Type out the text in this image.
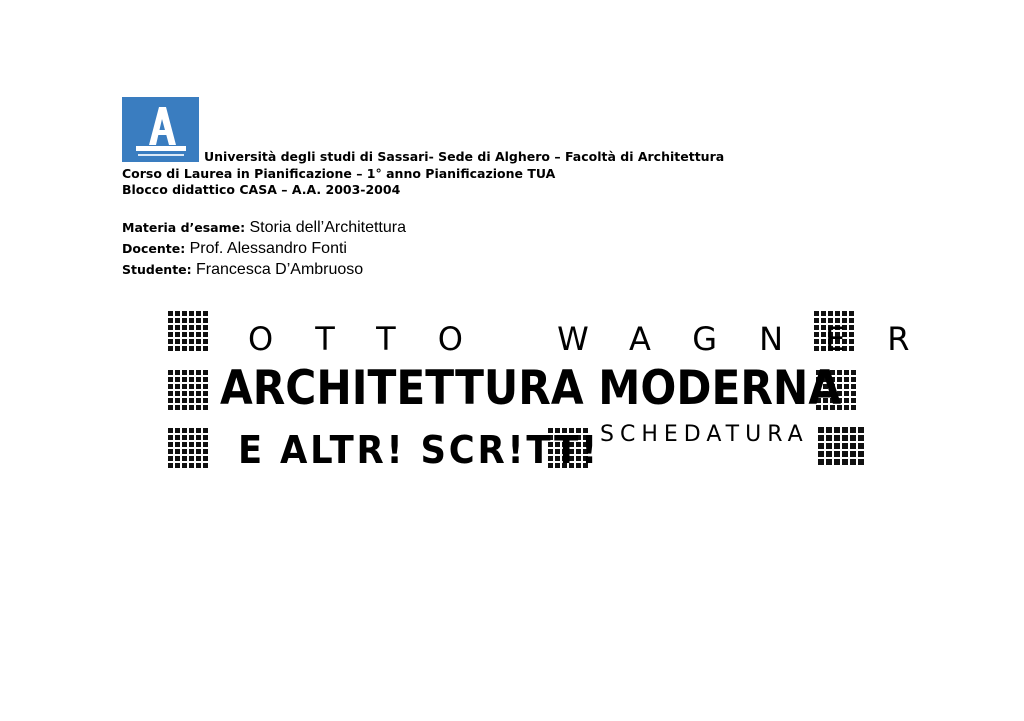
Università degli studi di Sassari- Sede di Alghero – Facoltà di Architettura
Corso di Laurea in Pianificazione – 1° anno Pianificazione TUA
Blocco didattico CASA – A.A. 2003-2004
Materia d’esame: Storia dell’Architettura
Docente: Prof. Alessandro Fonti
Studente: Francesca D’Ambruoso
OTTO WAGNER
ARCHITETTURA MODERNA
E ALTR! SCR!TT! SCHEDATURA
